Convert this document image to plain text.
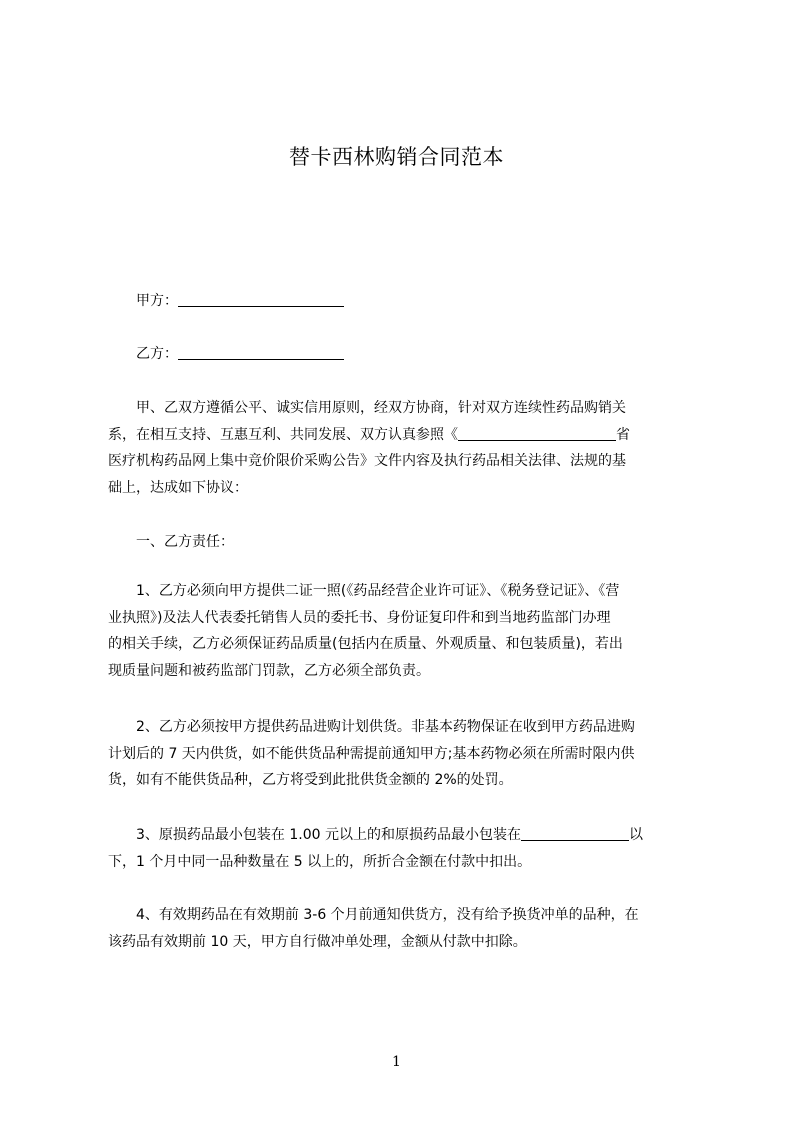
替卡西林购销合同范本
甲方：
乙方：
甲、乙双方遵循公平、诚实信用原则，经双方协商，针对双方连续性药品购销关
系，在相互支持、互惠互利、共同发展、双方认真参照《	省
医疗机构药品网上集中竞价限价采购公告》文件内容及执行药品相关法律、法规的基
础上，达成如下协议：
一、乙方责任：
1、乙方必须向甲方提供二证一照(《药品经营企业许可证》、《税务登记证》、《营
业执照》)及法人代表委托销售人员的委托书、身份证复印件和到当地药监部门办理
的相关手续，乙方必须保证药品质量(包括内在质量、外观质量、和包装质量)，若出
现质量问题和被药监部门罚款，乙方必须全部负责。
2、乙方必须按甲方提供药品进购计划供货。非基本药物保证在收到甲方药品进购
计划后的 7 天内供货，如不能供货品种需提前通知甲方;基本药物必须在所需时限内供
货，如有不能供货品种，乙方将受到此批供货金额的 2%的处罚。
3、原损药品最小包装在 1.00 元以上的和原损药品最小包装在	以
下，1 个月中同一品种数量在 5 以上的，所折合金额在付款中扣出。
4、有效期药品在有效期前 3-6 个月前通知供货方，没有给予换货冲单的品种，在
该药品有效期前 10 天，甲方自行做冲单处理，金额从付款中扣除。
1
